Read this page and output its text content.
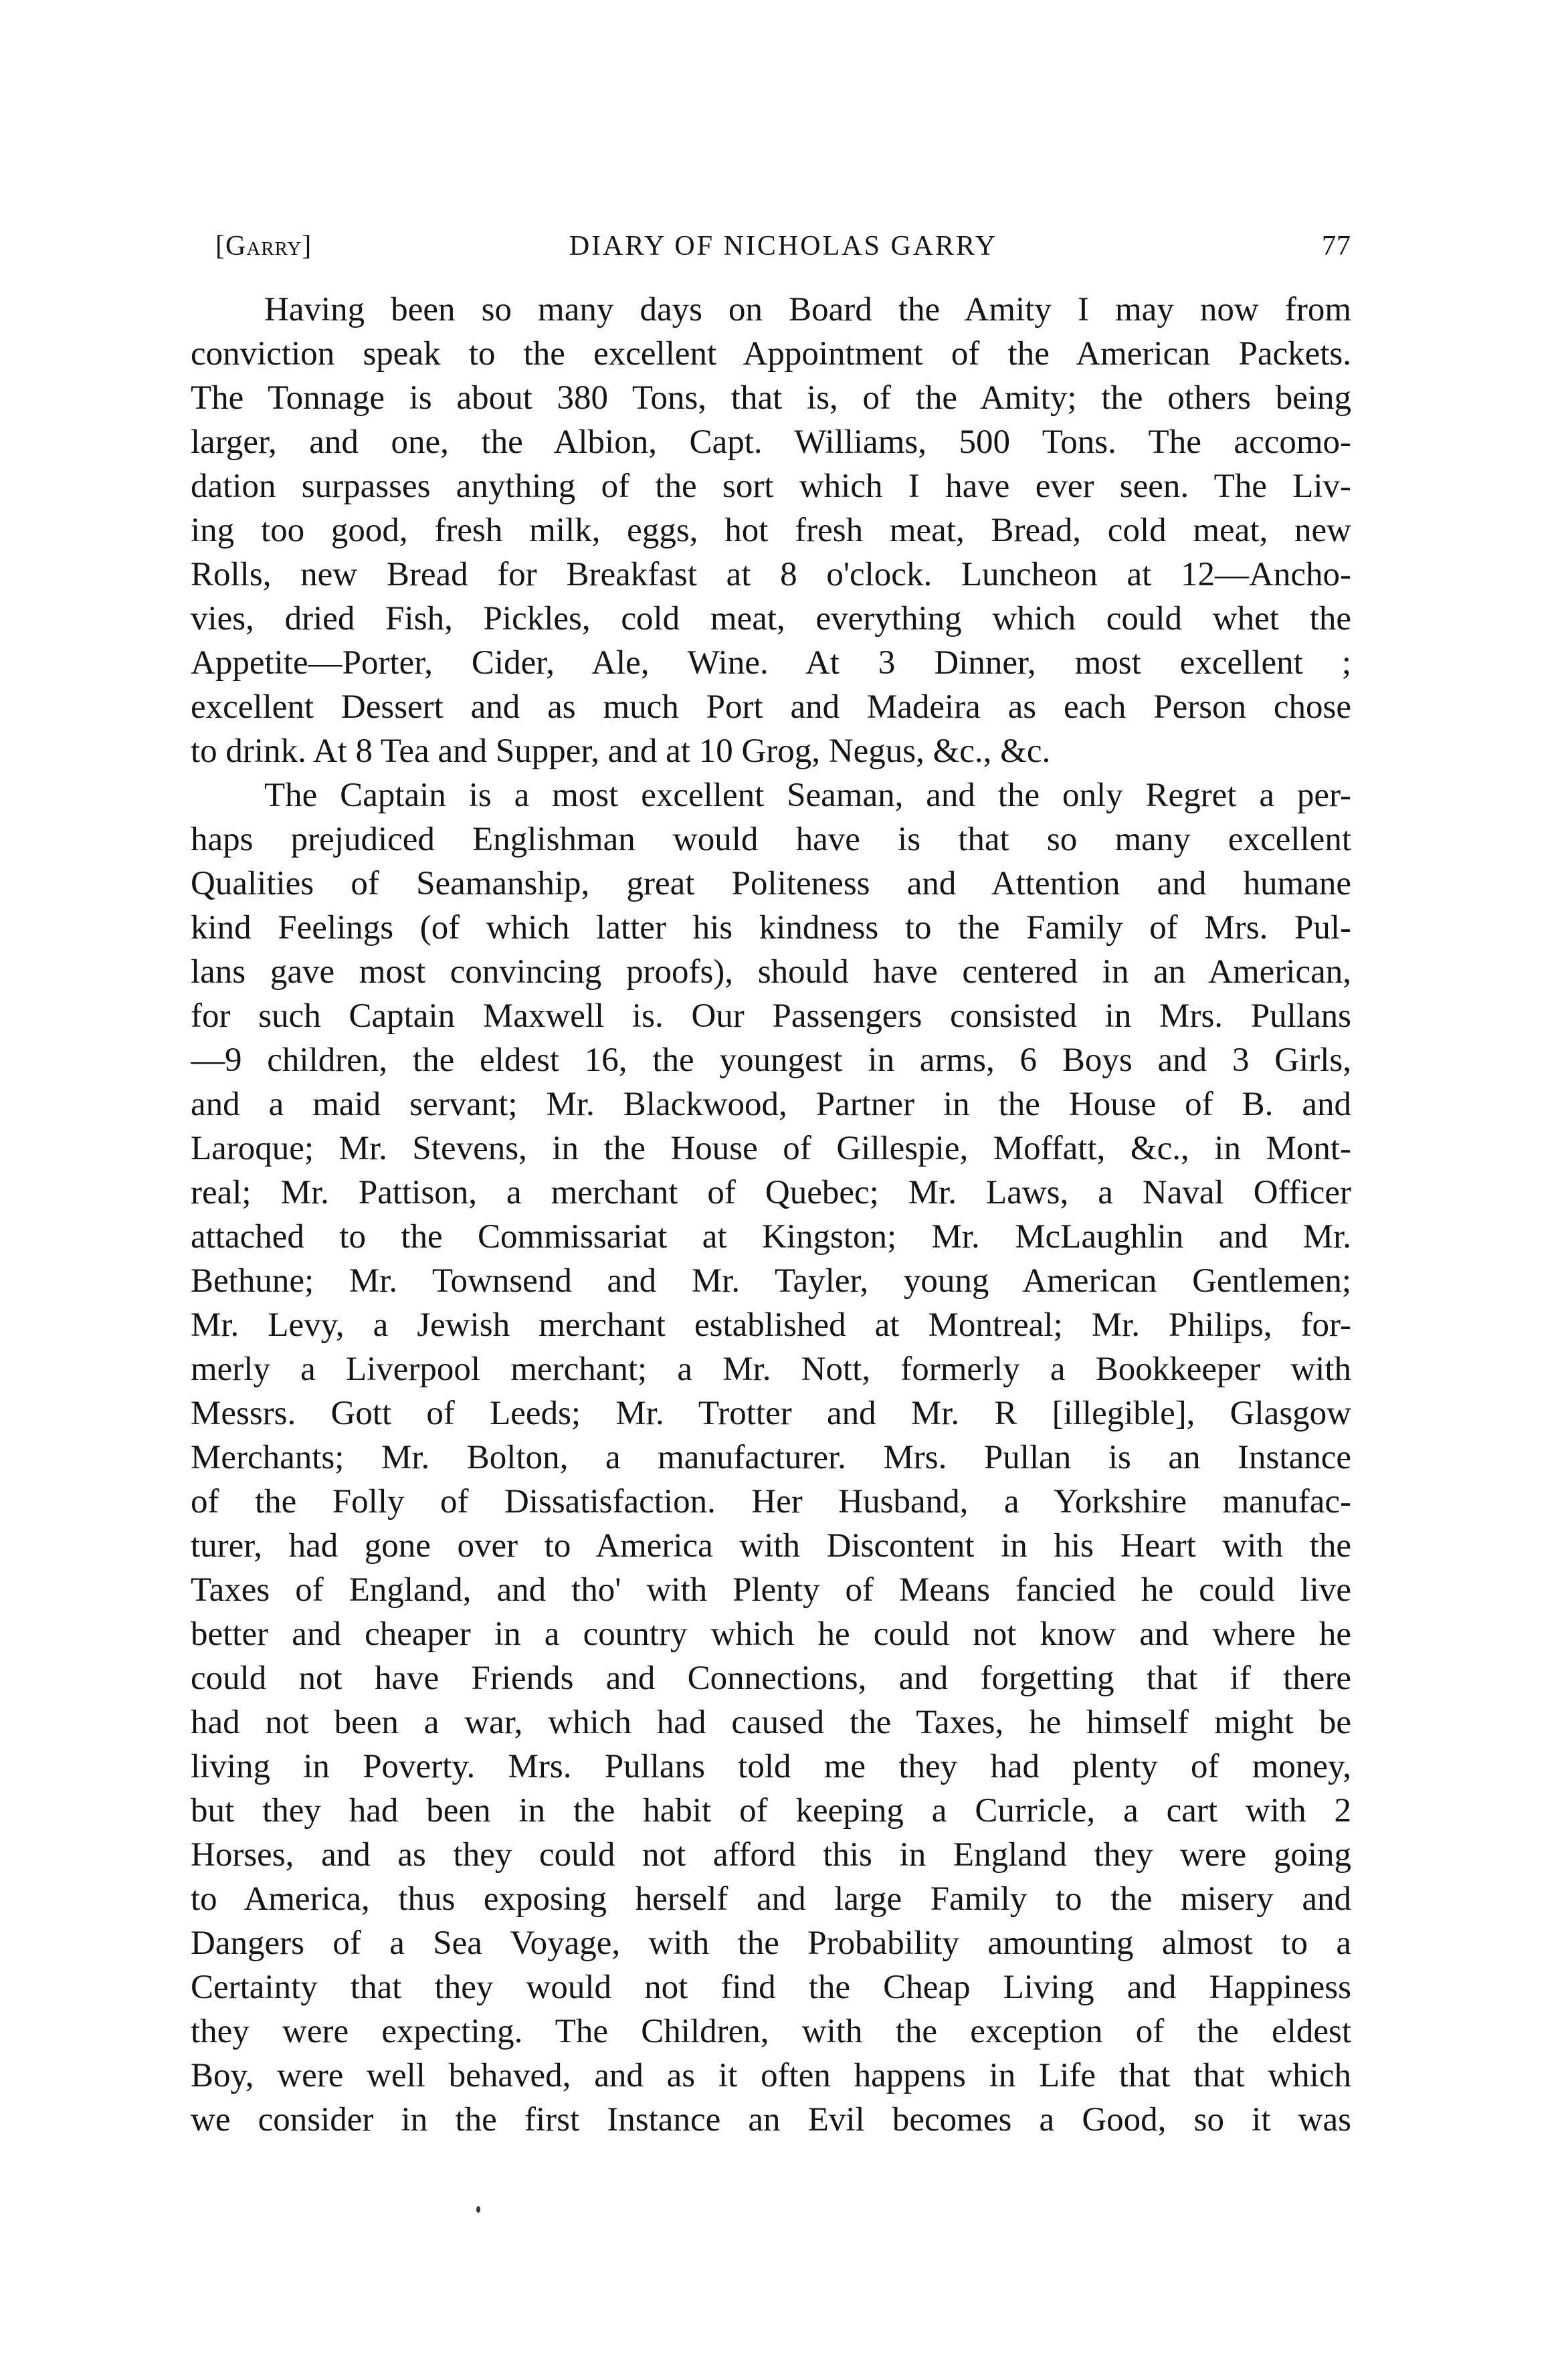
[Garry]	DIARY OF NICHOLAS GARRY	77
Having been so many days on Board the Amity I may now from
conviction speak to the excellent Appointment of the American Packets.
The Tonnage is about 380 Tons, that is, of the Amity; the others being
larger, and one, the Albion, Capt. Williams, 500 Tons. The accomo-
dation surpasses anything of the sort which I have ever seen. The Liv-
ing too good, fresh milk, eggs, hot fresh meat, Bread, cold meat, new
Rolls, new Bread for Breakfast at 8 o'clock. Luncheon at 12—Ancho-
vies, dried Fish, Pickles, cold meat, everything which could whet the
Appetite—Porter, Cider, Ale, Wine. At 3 Dinner, most excellent ;
excellent Dessert and as much Port and Madeira as each Person chose
to drink. At 8 Tea and Supper, and at 10 Grog, Negus, &c., &c.
The Captain is a most excellent Seaman, and the only Regret a per-
haps prejudiced Englishman would have is that so many excellent
Qualities of Seamanship, great Politeness and Attention and humane
kind Feelings (of which latter his kindness to the Family of Mrs. Pul-
lans gave most convincing proofs), should have centered in an American,
for such Captain Maxwell is. Our Passengers consisted in Mrs. Pullans
—9 children, the eldest 16, the youngest in arms, 6 Boys and 3 Girls,
and a maid servant; Mr. Blackwood, Partner in the House of B. and
Laroque; Mr. Stevens, in the House of Gillespie, Moffatt, &c., in Mont-
real; Mr. Pattison, a merchant of Quebec; Mr. Laws, a Naval Officer
attached to the Commissariat at Kingston; Mr. McLaughlin and Mr.
Bethune; Mr. Townsend and Mr. Tayler, young American Gentlemen;
Mr. Levy, a Jewish merchant established at Montreal; Mr. Philips, for-
merly a Liverpool merchant; a Mr. Nott, formerly a Bookkeeper with
Messrs. Gott of Leeds; Mr. Trotter and Mr. R [illegible], Glasgow
Merchants; Mr. Bolton, a manufacturer. Mrs. Pullan is an Instance
of the Folly of Dissatisfaction. Her Husband, a Yorkshire manufac-
turer, had gone over to America with Discontent in his Heart with the
Taxes of England, and tho' with Plenty of Means fancied he could live
better and cheaper in a country which he could not know and where he
could not have Friends and Connections, and forgetting that if there
had not been a war, which had caused the Taxes, he himself might be
living in Poverty. Mrs. Pullans told me they had plenty of money,
but they had been in the habit of keeping a Curricle, a cart with 2
Horses, and as they could not afford this in England they were going
to America, thus exposing herself and large Family to the misery and
Dangers of a Sea Voyage, with the Probability amounting almost to a
Certainty that they would not find the Cheap Living and Happiness
they were expecting. The Children, with the exception of the eldest
Boy, were well behaved, and as it often happens in Life that that which
we consider in the first Instance an Evil becomes a Good, so it was
